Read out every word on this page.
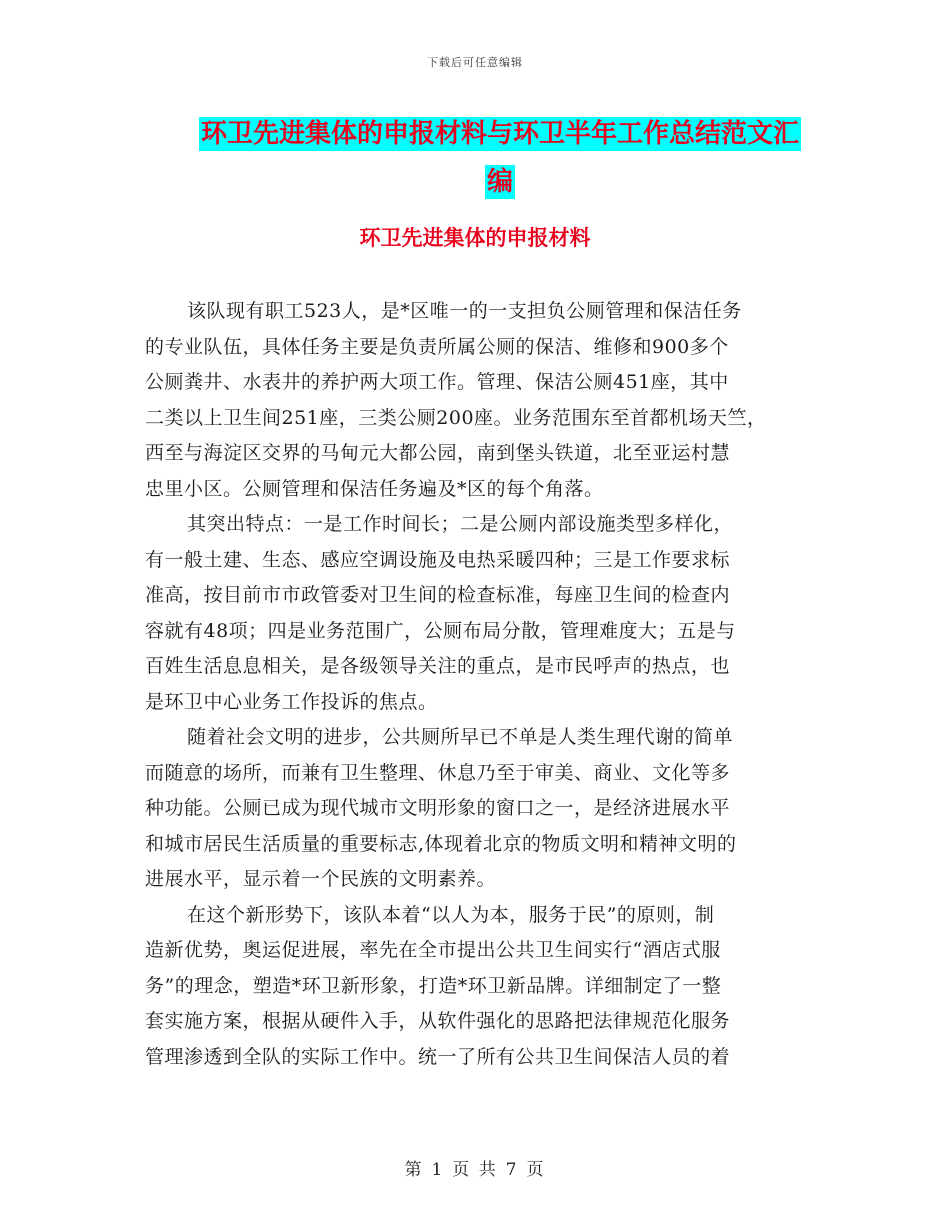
下载后可任意编辑
环卫先进集体的申报材料与环卫半年工作总结范文汇
编
环卫先进集体的申报材料
该队现有职工523人，是*区唯一的一支担负公厕管理和保洁任务
的专业队伍，具体任务主要是负责所属公厕的保洁、维修和900多个
公厕粪井、水表井的养护两大项工作。管理、保洁公厕451座，其中
二类以上卫生间251座，三类公厕200座。业务范围东至首都机场天竺，
西至与海淀区交界的马甸元大都公园，南到堡头铁道，北至亚运村慧
忠里小区。公厕管理和保洁任务遍及*区的每个角落。
其突出特点：一是工作时间长；二是公厕内部设施类型多样化，
有一般土建、生态、感应空调设施及电热采暖四种；三是工作要求标
准高，按目前市市政管委对卫生间的检查标准，每座卫生间的检查内
容就有48项；四是业务范围广，公厕布局分散，管理难度大；五是与
百姓生活息息相关，是各级领导关注的重点，是市民呼声的热点，也
是环卫中心业务工作投诉的焦点。
随着社会文明的进步，公共厕所早已不单是人类生理代谢的简单
而随意的场所，而兼有卫生整理、休息乃至于审美、商业、文化等多
种功能。公厕已成为现代城市文明形象的窗口之一，是经济进展水平
和城市居民生活质量的重要标志,体现着北京的物质文明和精神文明的
进展水平，显示着一个民族的文明素养。
在这个新形势下，该队本着“以人为本，服务于民”的原则，制
造新优势，奥运促进展，率先在全市提出公共卫生间实行“酒店式服
务”的理念，塑造*环卫新形象，打造*环卫新品牌。详细制定了一整
套实施方案，根据从硬件入手，从软件强化的思路把法律规范化服务
管理渗透到全队的实际工作中。统一了所有公共卫生间保洁人员的着
第 1 页 共 7 页
